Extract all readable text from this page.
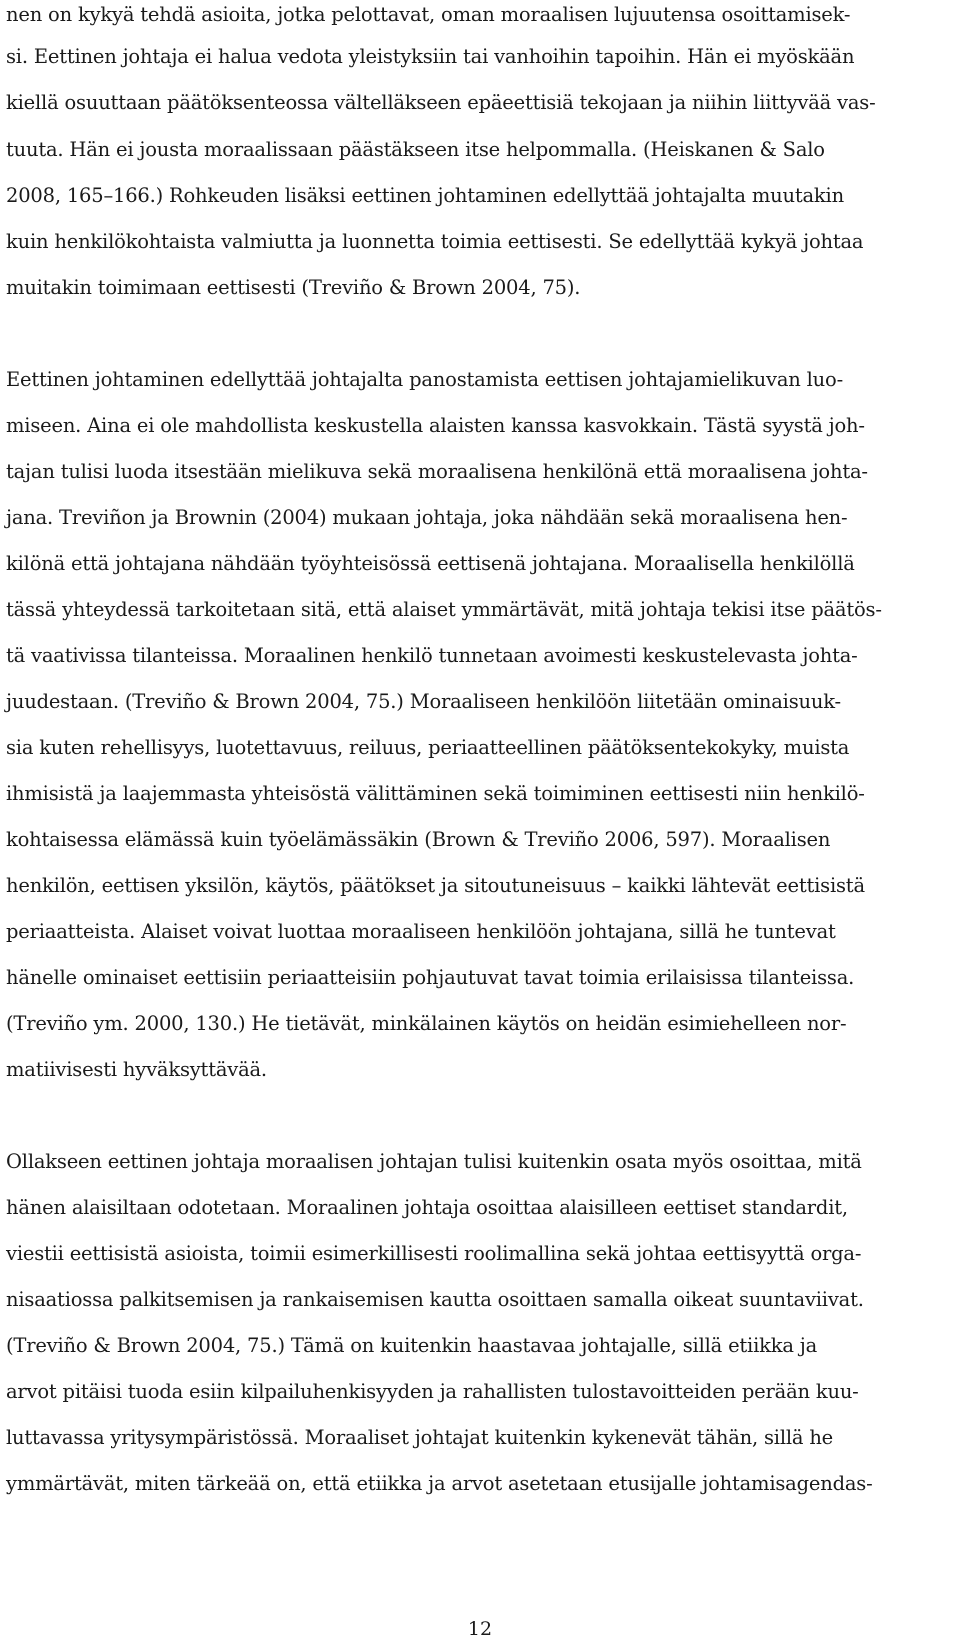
nen on kykyä tehdä asioita, jotka pelottavat, oman moraalisen lujuutensa osoittamisek-
si. Eettinen johtaja ei halua vedota yleistyksiin tai vanhoihin tapoihin. Hän ei myöskään
kiellä osuuttaan päätöksenteossa vältelläkseen epäeettisiä tekojaan ja niihin liittyvää vas-
tuuta. Hän ei jousta moraalissaan päästäkseen itse helpommalla. (Heiskanen & Salo
2008, 165–166.) Rohkeuden lisäksi eettinen johtaminen edellyttää johtajalta muutakin
kuin henkilökohtaista valmiutta ja luonnetta toimia eettisesti. Se edellyttää kykyä johtaa
muitakin toimimaan eettisesti (Treviño & Brown 2004, 75).
Eettinen johtaminen edellyttää johtajalta panostamista eettisen johtajamielikuvan luo-
miseen. Aina ei ole mahdollista keskustella alaisten kanssa kasvokkain. Tästä syystä joh-
tajan tulisi luoda itsestään mielikuva sekä moraalisena henkilönä että moraalisena johta-
jana. Treviñon ja Brownin (2004) mukaan johtaja, joka nähdään sekä moraalisena hen-
kilönä että johtajana nähdään työyhteisössä eettisenä johtajana. Moraalisella henkilöllä
tässä yhteydessä tarkoitetaan sitä, että alaiset ymmärtävät, mitä johtaja tekisi itse päätös-
tä vaativissa tilanteissa. Moraalinen henkilö tunnetaan avoimesti keskustelevasta johta-
juudestaan. (Treviño & Brown 2004, 75.) Moraaliseen henkilöön liitetään ominaisuuk-
sia kuten rehellisyys, luotettavuus, reiluus, periaatteellinen päätöksentekokyky, muista
ihmisistä ja laajemmasta yhteisöstä välittäminen sekä toimiminen eettisesti niin henkilö-
kohtaisessa elämässä kuin työelämässäkin (Brown & Treviño 2006, 597). Moraalisen
henkilön, eettisen yksilön, käytös, päätökset ja sitoutuneisuus – kaikki lähtevät eettisistä
periaatteista. Alaiset voivat luottaa moraaliseen henkilöön johtajana, sillä he tuntevat
hänelle ominaiset eettisiin periaatteisiin pohjautuvat tavat toimia erilaisissa tilanteissa.
(Treviño ym. 2000, 130.) He tietävät, minkälainen käytös on heidän esimiehelleen nor-
matiivisesti hyväksyttävää.
Ollakseen eettinen johtaja moraalisen johtajan tulisi kuitenkin osata myös osoittaa, mitä
hänen alaisiltaan odotetaan. Moraalinen johtaja osoittaa alaisilleen eettiset standardit,
viestii eettisistä asioista, toimii esimerkillisesti roolimallina sekä johtaa eettisyyttä orga-
nisaatiossa palkitsemisen ja rankaisemisen kautta osoittaen samalla oikeat suuntaviivat.
(Treviño & Brown 2004, 75.) Tämä on kuitenkin haastavaa johtajalle, sillä etiikka ja
arvot pitäisi tuoda esiin kilpailuhenkisyyden ja rahallisten tulostavoitteiden perään kuu-
luttavassa yritysympäristössä. Moraaliset johtajat kuitenkin kykenevät tähän, sillä he
ymmärtävät, miten tärkeää on, että etiikka ja arvot asetetaan etusijalle johtamisagendas-
12
